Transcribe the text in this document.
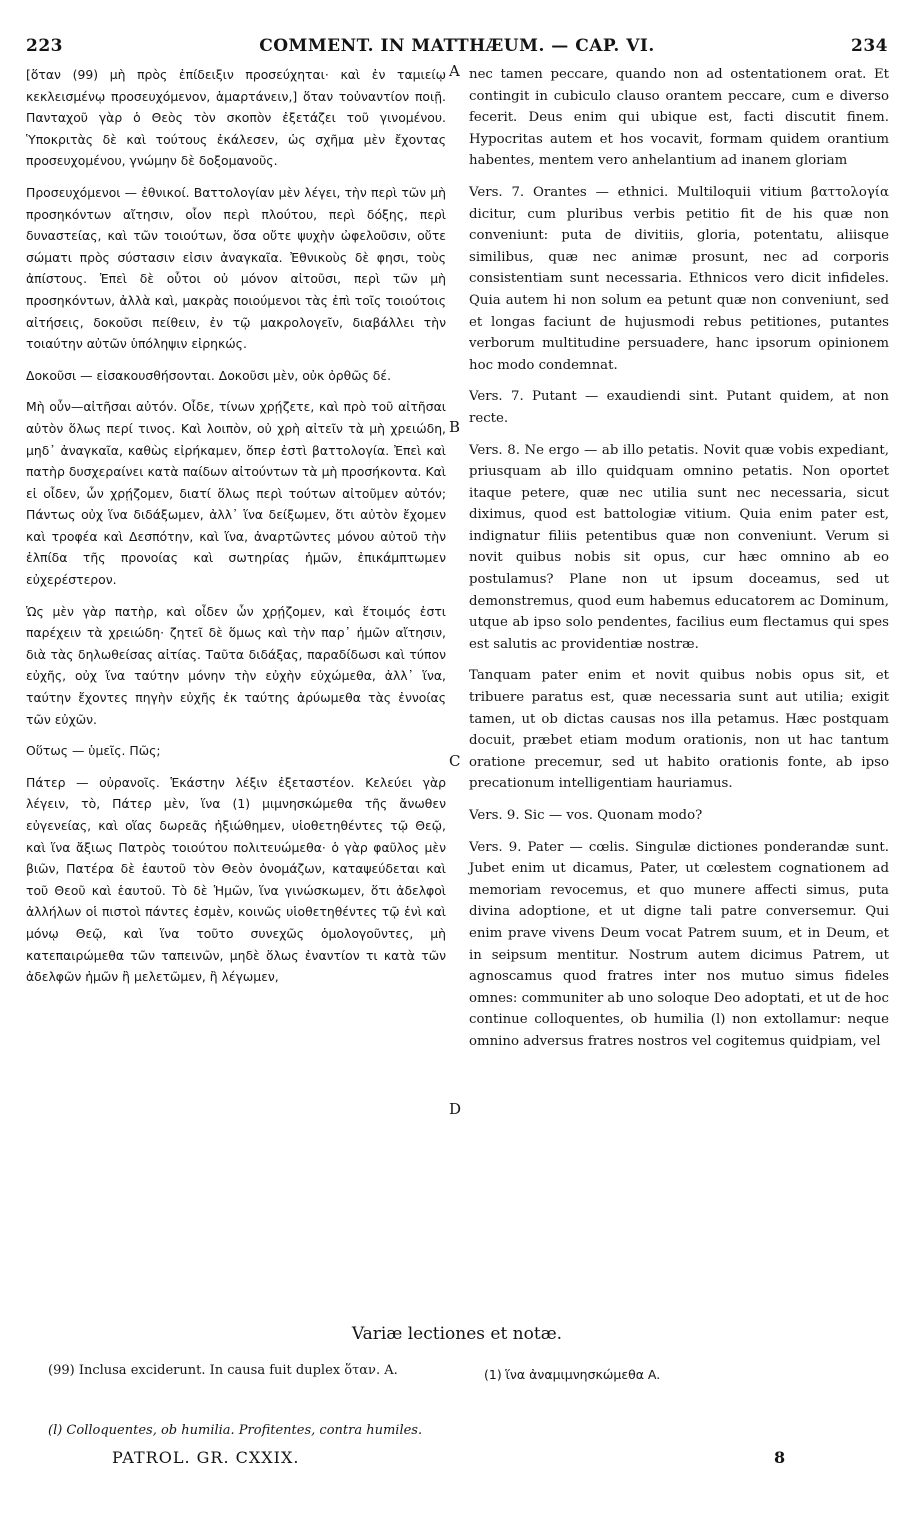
223	COMMENT. IN MATTHÆUM. — CAP. VI.	234

[ὅταν (99) μὴ πρὸς ἐπίδειξιν προσεύχηται· καὶ ἐν ταμιείῳ κεκλεισμένῳ προσευχόμενον, ἁμαρτάνειν,] ὅταν τοὐναντίον ποιῇ. Πανταχοῦ γὰρ ὁ Θεὸς τὸν σκοπὸν ἐξετάζει τοῦ γινομένου. Ὑποκριτὰς δὲ καὶ τούτους ἐκάλεσεν, ὡς σχῆμα μὲν ἔχοντας προσευχομένου, γνώμην δὲ δοξομανοῦς.

Προσευχόμενοι — ἐθνικοί. Βαττολογίαν μὲν λέγει, τὴν περὶ τῶν μὴ προσηκόντων αἴτησιν, οἷον περὶ πλούτου, περὶ δόξης, περὶ δυναστείας, καὶ τῶν τοιούτων, ὅσα οὔτε ψυχὴν ὠφελοῦσιν, οὔτε σώματι πρὸς σύστασιν εἰσιν ἀναγκαῖα. Ἐθνικοὺς δὲ φησι, τοὺς ἀπίστους. Ἐπεὶ δὲ οὗτοι οὐ μόνον αἰτοῦσι, περὶ τῶν μὴ προσηκόντων, ἀλλὰ καὶ, μακρὰς ποιούμενοι τὰς ἐπὶ τοῖς τοιούτοις αἰτήσεις, δοκοῦσι πείθειν, ἐν τῷ μακρολογεῖν, διαβάλλει τὴν τοιαύτην αὐτῶν ὑπόληψιν εἰρηκώς.

Δοκοῦσι — εἰσακουσθήσονται. Δοκοῦσι μὲν, οὐκ ὀρθῶς δέ.

Μὴ οὖν—αἰτῆσαι αὐτόν. Οἶδε, τίνων χρῄζετε, καὶ πρὸ τοῦ αἰτῆσαι αὐτὸν ὅλως περί τινος. Καὶ λοιπὸν, οὐ χρὴ αἰτεῖν τὰ μὴ χρειώδη, μηδ᾽ ἀναγκαῖα, καθὼς εἰρήκαμεν, ὅπερ ἐστὶ βαττολογία. Ἐπεὶ καὶ πατὴρ δυσχεραίνει κατὰ παίδων αἰτούντων τὰ μὴ προσήκοντα. Καὶ εἰ οἶδεν, ὧν χρῄζομεν, διατί ὅλως περὶ τούτων αἰτοῦμεν αὐτόν; Πάντως οὐχ ἵνα διδάξωμεν, ἀλλ᾽ ἵνα δείξωμεν, ὅτι αὐτὸν ἔχομεν καὶ τροφέα καὶ Δεσπότην, καὶ ἵνα, ἀναρτῶντες μόνου αὐτοῦ τὴν ἐλπίδα τῆς προνοίας καὶ σωτηρίας ἡμῶν, ἐπικάμπτωμεν εὐχερέστερον.

Ὡς μὲν γὰρ πατὴρ, καὶ οἶδεν ὧν χρῄζομεν, καὶ ἕτοιμός ἐστι παρέχειν τὰ χρειώδη· ζητεῖ δὲ ὅμως καὶ τὴν παρ᾽ ἡμῶν αἴτησιν, διὰ τὰς δηλωθείσας αἰτίας. Ταῦτα διδάξας, παραδίδωσι καὶ τύπον εὐχῆς, οὐχ ἵνα ταύτην μόνην τὴν εὐχὴν εὐχώμεθα, ἀλλ᾽ ἵνα, ταύτην ἔχοντες πηγὴν εὐχῆς ἐκ ταύτης ἀρύωμεθα τὰς ἐννοίας τῶν εὐχῶν.

Οὕτως — ὑμεῖς. Πῶς;

Πάτερ — οὐρανοῖς. Ἑκάστην λέξιν ἐξεταστέον. Κελεύει γὰρ λέγειν, τὸ, Πάτερ μὲν, ἵνα (1) μιμνησκώμεθα τῆς ἄνωθεν εὐγενείας, καὶ οἵας δωρεᾶς ἠξιώθημεν, υἱοθετηθέντες τῷ Θεῷ, καὶ ἵνα ἄξιως Πατρὸς τοιούτου πολιτευώμεθα· ὁ γὰρ φαῦλος μὲν βιῶν, Πατέρα δὲ ἑαυτοῦ τὸν Θεὸν ὀνομάζων, καταψεύδεται καὶ τοῦ Θεοῦ καὶ ἑαυτοῦ. Τὸ δὲ Ἡμῶν, ἵνα γινώσκωμεν, ὅτι ἀδελφοὶ ἀλλήλων οἱ πιστοὶ πάντες ἐσμὲν, κοινῶς υἱοθετηθέντες τῷ ἑνὶ καὶ μόνῳ Θεῷ, καὶ ἵνα τοῦτο συνεχῶς ὁμολογοῦντες, μὴ κατεπαιρώμεθα τῶν ταπεινῶν, μηδὲ ὅλως ἐναντίον τι κατὰ τῶν ἀδελφῶν ἡμῶν ἢ μελετῶμεν, ἢ λέγωμεν,

A
B
C
D

nec tamen peccare, quando non ad ostentationem orat. Et contingit in cubiculo clauso orantem peccare, cum e diverso fecerit. Deus enim qui ubique est, facti discutit finem. Hypocritas autem et hos vocavit, formam quidem orantium habentes, mentem vero anhelantium ad inanem gloriam

Vers. 7. Orantes — ethnici. Multiloquii vitium βαττολογία dicitur, cum pluribus verbis petitio fit de his quæ non conveniunt: puta de divitiis, gloria, potentatu, aliisque similibus, quæ nec animæ prosunt, nec ad corporis consistentiam sunt necessaria. Ethnicos vero dicit infideles. Quia autem hi non solum ea petunt quæ non conveniunt, sed et longas faciunt de hujusmodi rebus petitiones, putantes verborum multitudine persuadere, hanc ipsorum opinionem hoc modo condemnat.

Vers. 7. Putant — exaudiendi sint. Putant quidem, at non recte.

Vers. 8. Ne ergo — ab illo petatis. Novit quæ vobis expediant, priusquam ab illo quidquam omnino petatis. Non oportet itaque petere, quæ nec utilia sunt nec necessaria, sicut diximus, quod est battologiæ vitium. Quia enim pater est, indignatur filiis petentibus quæ non conveniunt. Verum si novit quibus nobis sit opus, cur hæc omnino ab eo postulamus? Plane non ut ipsum doceamus, sed ut demonstremus, quod eum habemus educatorem ac Dominum, utque ab ipso solo pendentes, facilius eum flectamus qui spes est salutis ac providentiæ nostræ.

Tanquam pater enim et novit quibus nobis opus sit, et tribuere paratus est, quæ necessaria sunt aut utilia; exigit tamen, ut ob dictas causas nos illa petamus. Hæc postquam docuit, præbet etiam modum orationis, non ut hac tantum oratione precemur, sed ut habito orationis fonte, ab ipso precationum intelligentiam hauriamus.

Vers. 9. Sic — vos. Quonam modo?

Vers. 9. Pater — cœlis. Singulæ dictiones ponderandæ sunt. Jubet enim ut dicamus, Pater, ut cœlestem cognationem ad memoriam revocemus, et quo munere affecti simus, puta divina adoptione, et ut digne tali patre conversemur. Qui enim prave vivens Deum vocat Patrem suum, et in Deum, et in seipsum mentitur. Nostrum autem dicimus Patrem, ut agnoscamus quod fratres inter nos mutuo simus fideles omnes: communiter ab uno soloque Deo adoptati, et ut de hoc continue colloquentes, ob humilia (l) non extollamur: neque omnino adversus fratres nostros vel cogitemus quidpiam, vel

Variæ lectiones et notæ.
(99) Inclusa exciderunt. In causa fuit duplex ὅταν. A.	(1) ἵνα ἀναμιμνησκώμεθα A.
(l) Colloquentes, ob humilia. Profitentes, contra humiles.
PATROL. GR. CXXIX.	8
